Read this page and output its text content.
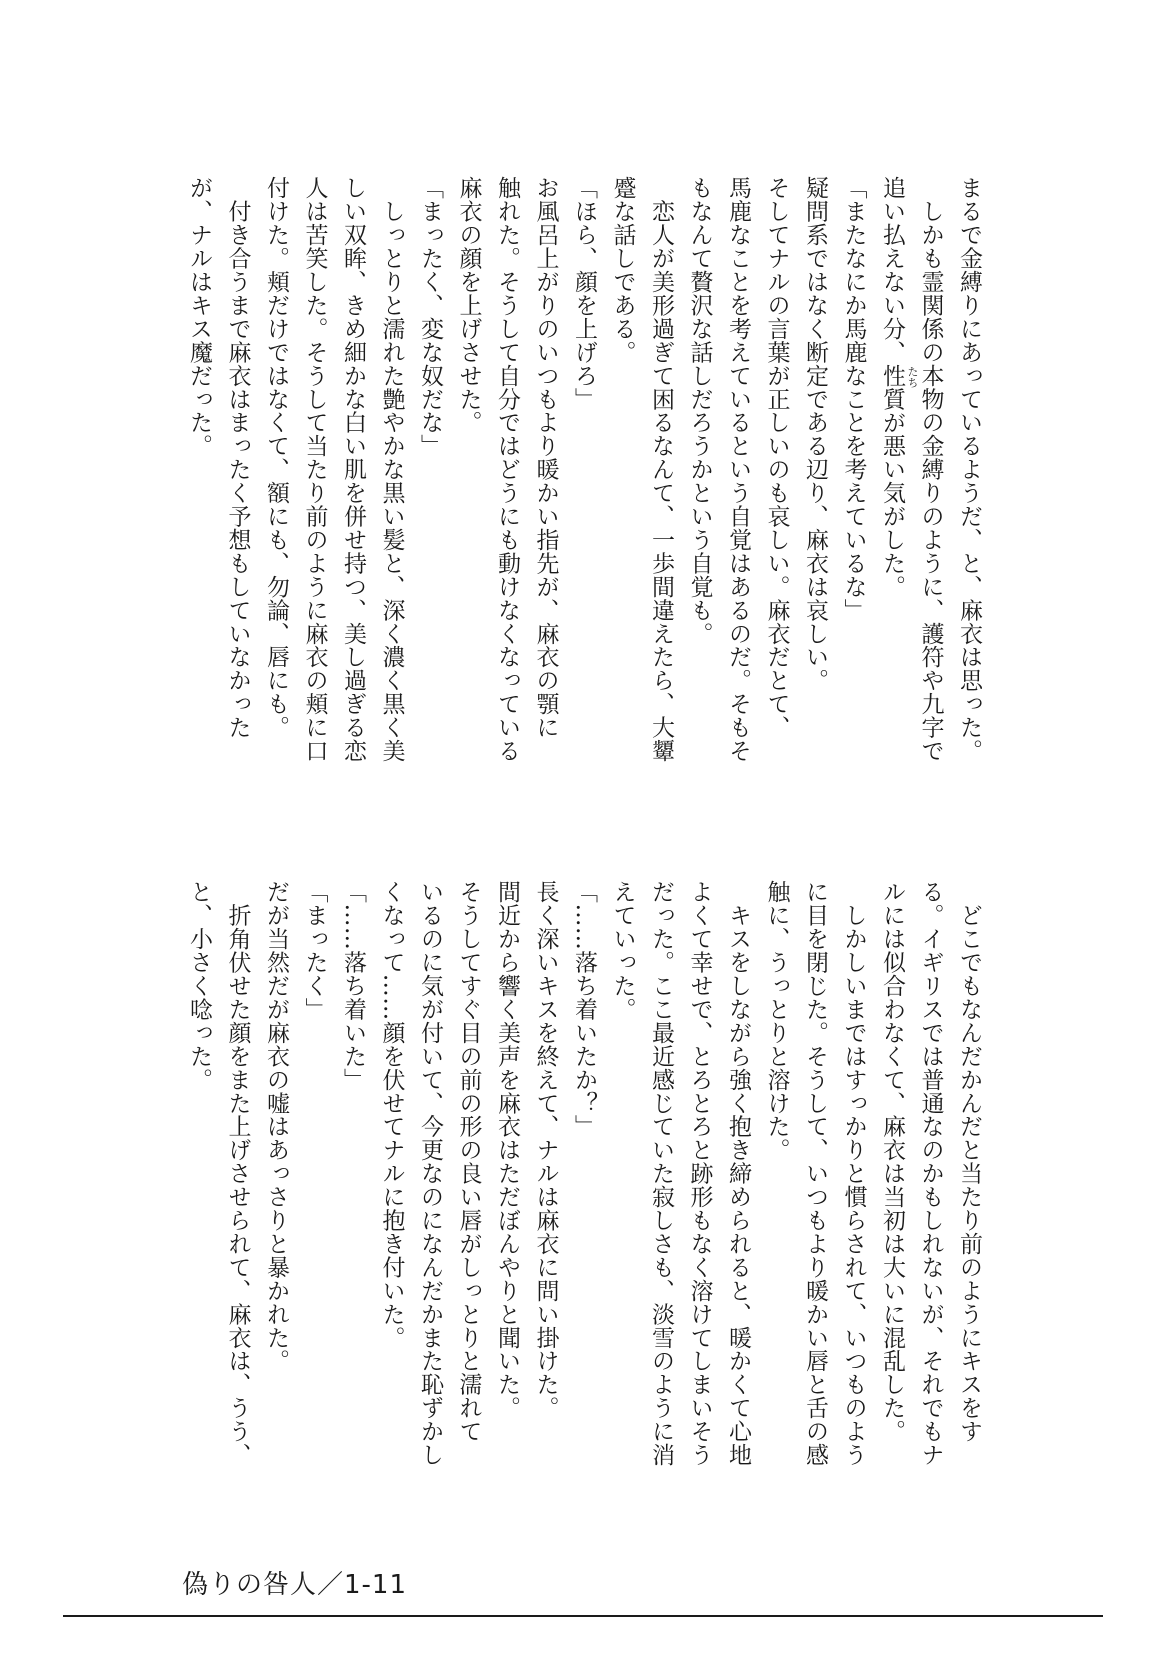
まるで金縛りにあっているようだ、と、麻衣は思った。
　しかも霊関係の本物の金縛りのように、護符や九字で
追い払えない分、性質 たち
が悪い気がした。
「またなにか馬鹿なことを考えているな」
疑問系ではなく断定である辺り、麻衣は哀しい。
そしてナルの言葉が正しいのも哀しい。麻衣だとて、
馬鹿なことを考えているという自覚はあるのだ。そもそ
もなんて贅沢な話しだろうかという自覚も。
　恋人が美形過ぎて困るなんて、一歩間違えたら、大顰
蹙な話しである。
「ほら、顔を上げろ」
お風呂上がりのいつもより暖かい指先が、麻衣の顎に
触れた。そうして自分ではどうにも動けなくなっている
麻衣の顔を上げさせた。
「まったく、変な奴だな」
　しっとりと濡れた艶やかな黒い髪と、深く濃く黒く美
しい双眸、きめ細かな白い肌を併せ持つ、美し過ぎる恋
人は苦笑した。そうして当たり前のように麻衣の頬に口
付けた。頬だけではなくて、額にも、勿論、唇にも。
　付き合うまで麻衣はまったく予想もしていなかった
が、ナルはキス魔だった。
　どこでもなんだかんだと当たり前のようにキスをす
る。イギリスでは普通なのかもしれないが、それでもナ
ルには似合わなくて、麻衣は当初は大いに混乱した。
　しかしいまではすっかりと慣らされて、いつものよう
に目を閉じた。そうして、いつもより暖かい唇と舌の感
触に、うっとりと溶けた。
　キスをしながら強く抱き締められると、暖かくて心地
よくて幸せで、とろとろと跡形もなく溶けてしまいそう
だった。ここ最近感じていた寂しさも、淡雪のように消
えていった。
「……落ち着いたか？」
長く深いキスを終えて、ナルは麻衣に問い掛けた。
間近から響く美声を麻衣はただぼんやりと聞いた。
そうしてすぐ目の前の形の良い唇がしっとりと濡れて
いるのに気が付いて、今更なのになんだかまた恥ずかし
くなって……顔を伏せてナルに抱き付いた。
「……落ち着いた」
「まったく」
だが当然だが麻衣の嘘はあっさりと暴かれた。
　折角伏せた顔をまた上げさせられて、麻衣は、うう、
と、小さく唸った。
偽りの咎人／1-11
